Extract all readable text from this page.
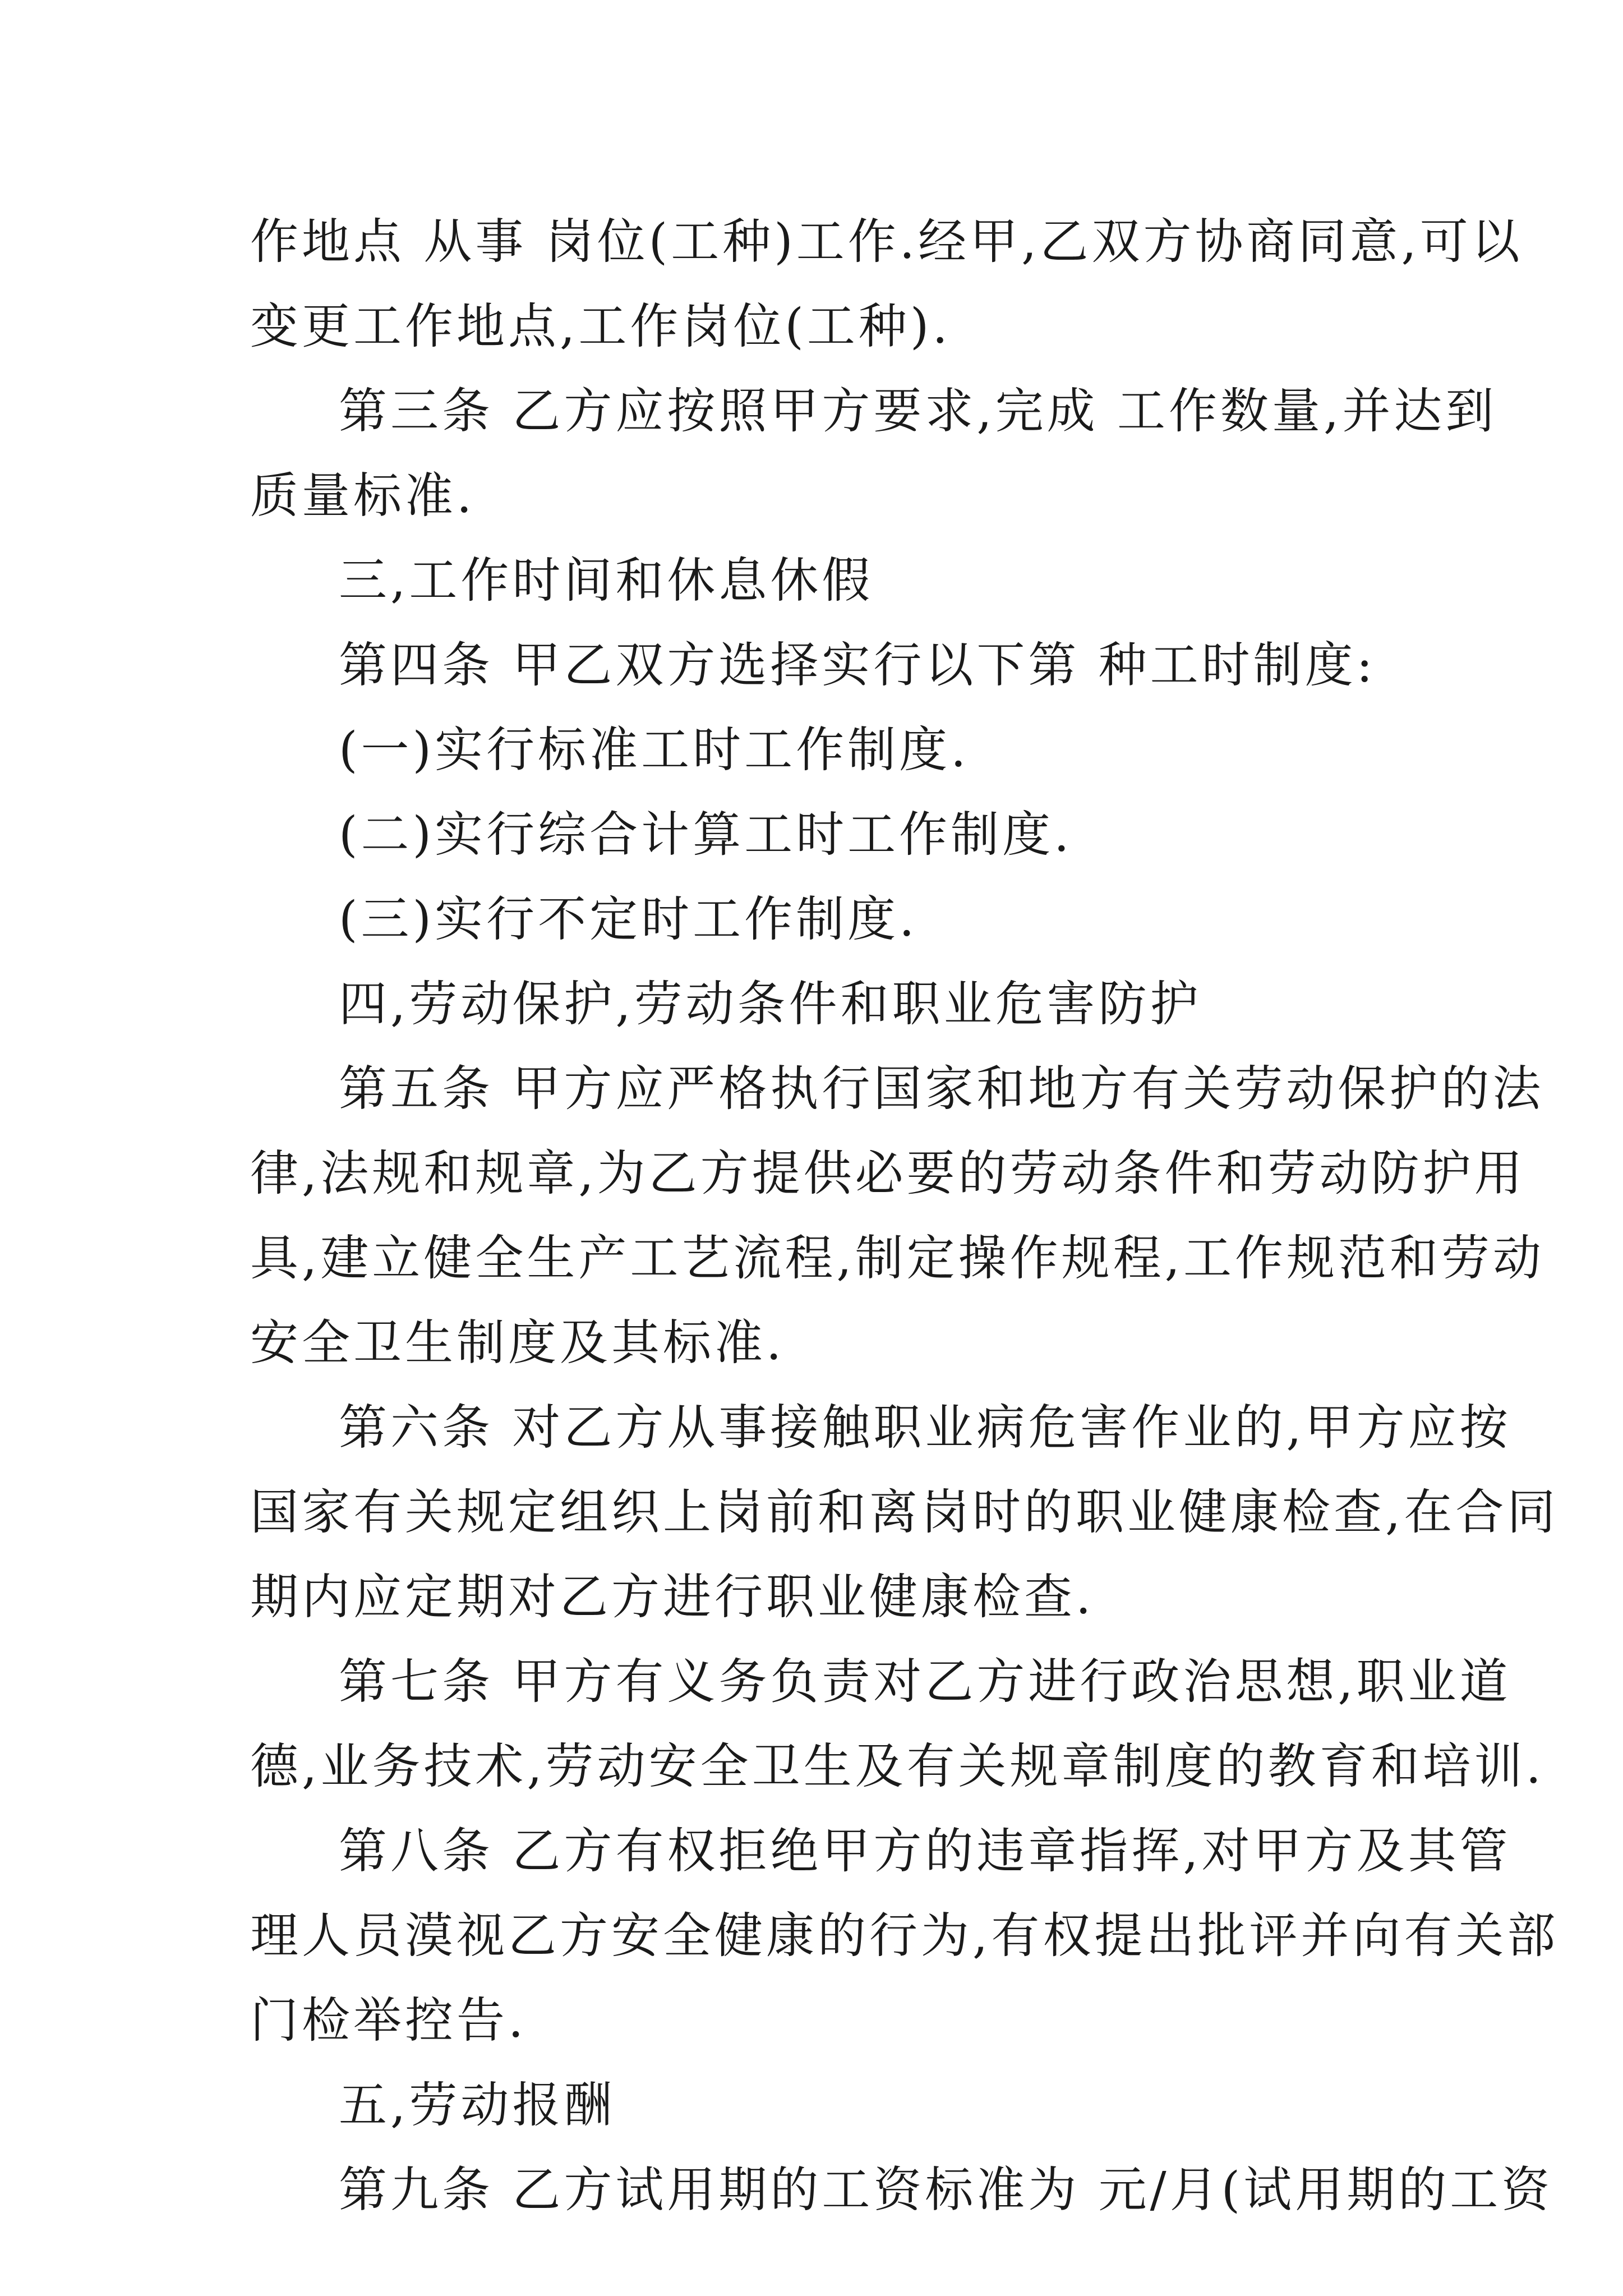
作地点 从事 岗位(工种)工作.经甲,乙双方协商同意,可以
变更工作地点,工作岗位(工种).
第三条 乙方应按照甲方要求,完成 工作数量,并达到
质量标准.
三,工作时间和休息休假
第四条 甲乙双方选择实行以下第 种工时制度:
(一)实行标准工时工作制度.
(二)实行综合计算工时工作制度.
(三)实行不定时工作制度.
四,劳动保护,劳动条件和职业危害防护
第五条 甲方应严格执行国家和地方有关劳动保护的法
律,法规和规章,为乙方提供必要的劳动条件和劳动防护用
具,建立健全生产工艺流程,制定操作规程,工作规范和劳动
安全卫生制度及其标准.
第六条 对乙方从事接触职业病危害作业的,甲方应按
国家有关规定组织上岗前和离岗时的职业健康检查,在合同
期内应定期对乙方进行职业健康检查.
第七条 甲方有义务负责对乙方进行政治思想,职业道
德,业务技术,劳动安全卫生及有关规章制度的教育和培训.
第八条 乙方有权拒绝甲方的违章指挥,对甲方及其管
理人员漠视乙方安全健康的行为,有权提出批评并向有关部
门检举控告.
五,劳动报酬
第九条 乙方试用期的工资标准为 元/月(试用期的工资
